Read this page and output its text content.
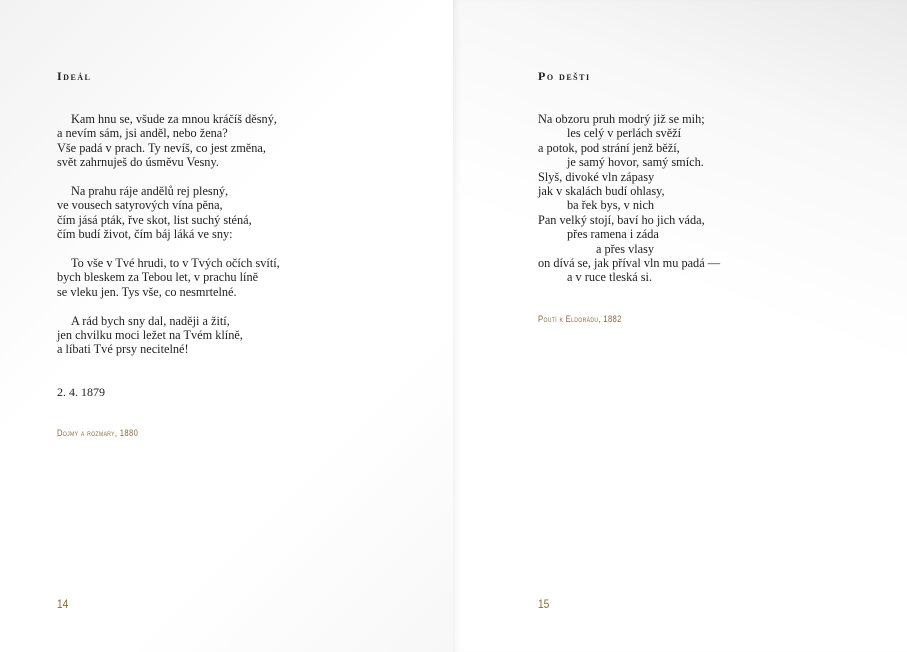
Ideál
Kam hnu se, všude za mnou kráčíš děsný,
a nevím sám, jsi anděl, nebo žena?
Vše padá v prach. Ty nevíš, co jest změna,
svět zahrnuješ do úsměvu Vesny.
Na prahu ráje andělů rej plesný,
ve vousech satyrových vína pěna,
čím jásá pták, řve skot, list suchý sténá,
čím budí život, čím báj láká ve sny:
To vše v Tvé hrudi, to v Tvých očích svítí,
bych bleskem za Tebou let, v prachu líně
se vleku jen. Tys vše, co nesmrtelné.
A rád bych sny dal, naději a žití,
jen chvilku moci ležet na Tvém klíně,
a líbati Tvé prsy necitelné!
2. 4. 1879
Dojmy a rozmary, 1880
14
Po dešti
Na obzoru pruh modrý již se mih;
les celý v perlách svěží
a potok, pod strání jenž běží,
je samý hovor, samý smích.
Slyš, divoké vln zápasy
jak v skalách budí ohlasy,
ba řek bys, v nich
Pan velký stojí, baví ho jich váda,
přes ramena i záda
a přes vlasy
on dívá se, jak příval vln mu padá —
a v ruce tleská si.
Poutí k Eldorádu, 1882
15
